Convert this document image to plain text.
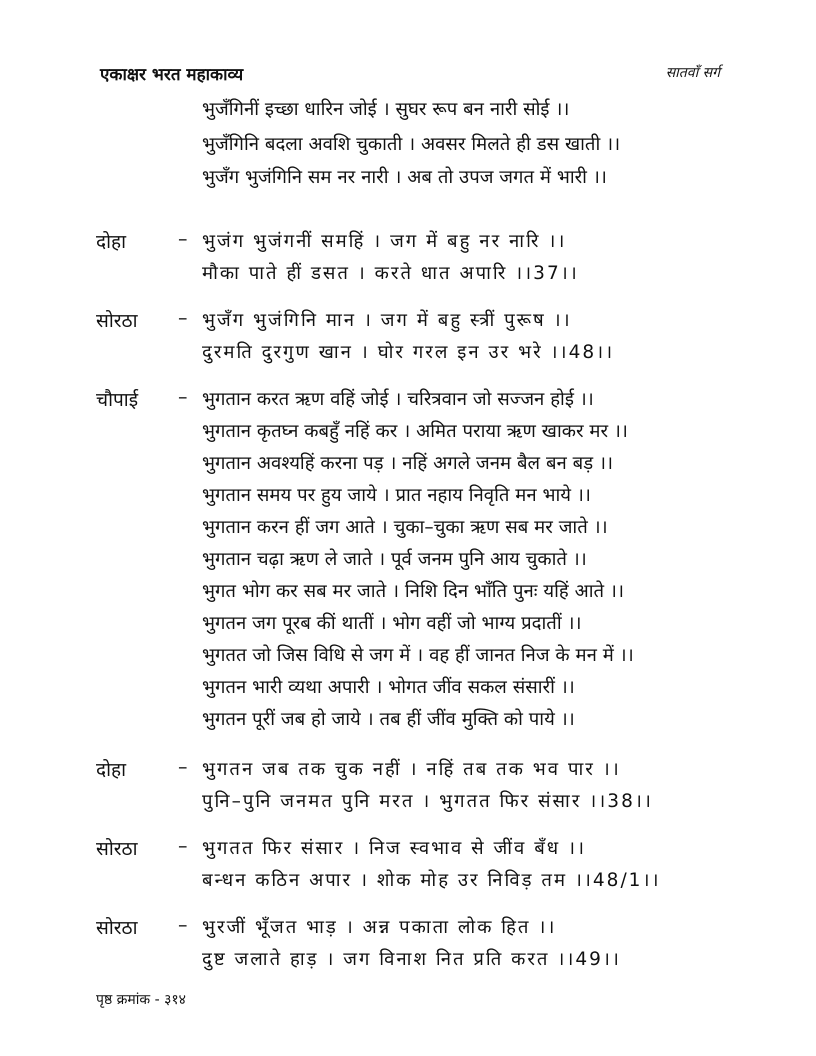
एकाक्षर भरत महाकाव्य	सातवाँ सर्ग
भुजँगिनीं इच्छा धारिन जोई । सुघर रूप बन नारी सोई ।।
भुजँगिनि बदला अवशि चुकाती । अवसर मिलते ही डस खाती ।।
भुजँग भुजंगिनि सम नर नारी । अब तो उपज जगत में भारी ।।
दोहा	– भुजंग भुजंगनीं समहिं । जग में बहु नर नारि ।।
मौका पाते हीं डसत । करते धात अपारि ।।37।।
सोरठा – भुजँग भुजंगिनि मान । जग में बहु स्त्रीं पुरूष ।।
दुरमति दुरगुण खान । घोर गरल इन उर भरे ।।48।।
चौपाई – भुगतान करत ऋण वहिं जोई । चरित्रवान जो सज्जन होई ।।
भुगतान कृतघ्न कबहुँ नहिं कर । अमित पराया ऋण खाकर मर ।।
भुगतान अवश्यहिं करना पड़ । नहिं अगले जनम बैल बन बड़ ।।
भुगतान समय पर हुय जाये । प्रात नहाय निवृति मन भाये ।।
भुगतान करन हीं जग आते । चुका–चुका ऋण सब मर जाते ।।
भुगतान चढ़ा ऋण ले जाते । पूर्व जनम पुनि आय चुकाते ।।
भुगत भोग कर सब मर जाते । निशि दिन भाँति पुनः यहिं आते ।।
भुगतन जग पूरब कीं थातीं । भोग वहीं जो भाग्य प्रदातीं ।।
भुगतत जो जिस विधि से जग में । वह हीं जानत निज के मन में ।।
भुगतन भारी व्यथा अपारी । भोगत जींव सकल संसारीं ।।
भुगतन पूरीं जब हो जाये । तब हीं जींव मुक्ति को पाये ।।
दोहा	– भुगतन जब तक चुक नहीं । नहिं तब तक भव पार ।।
पुनि–पुनि जनमत पुनि मरत । भुगतत फिर संसार ।।38।।
सोरठा – भुगतत फिर संसार । निज स्वभाव से जींव बँध ।।
बन्धन कठिन अपार । शोक मोह उर निविड़ तम ।।48/1।।
सोरठा – भुरजीं भूँजत भाड़ । अन्न पकाता लोक हित ।।
दुष्ट जलाते हाड़ । जग विनाश नित प्रति करत ।।49।।
पृष्ठ क्रमांक - ३१४
